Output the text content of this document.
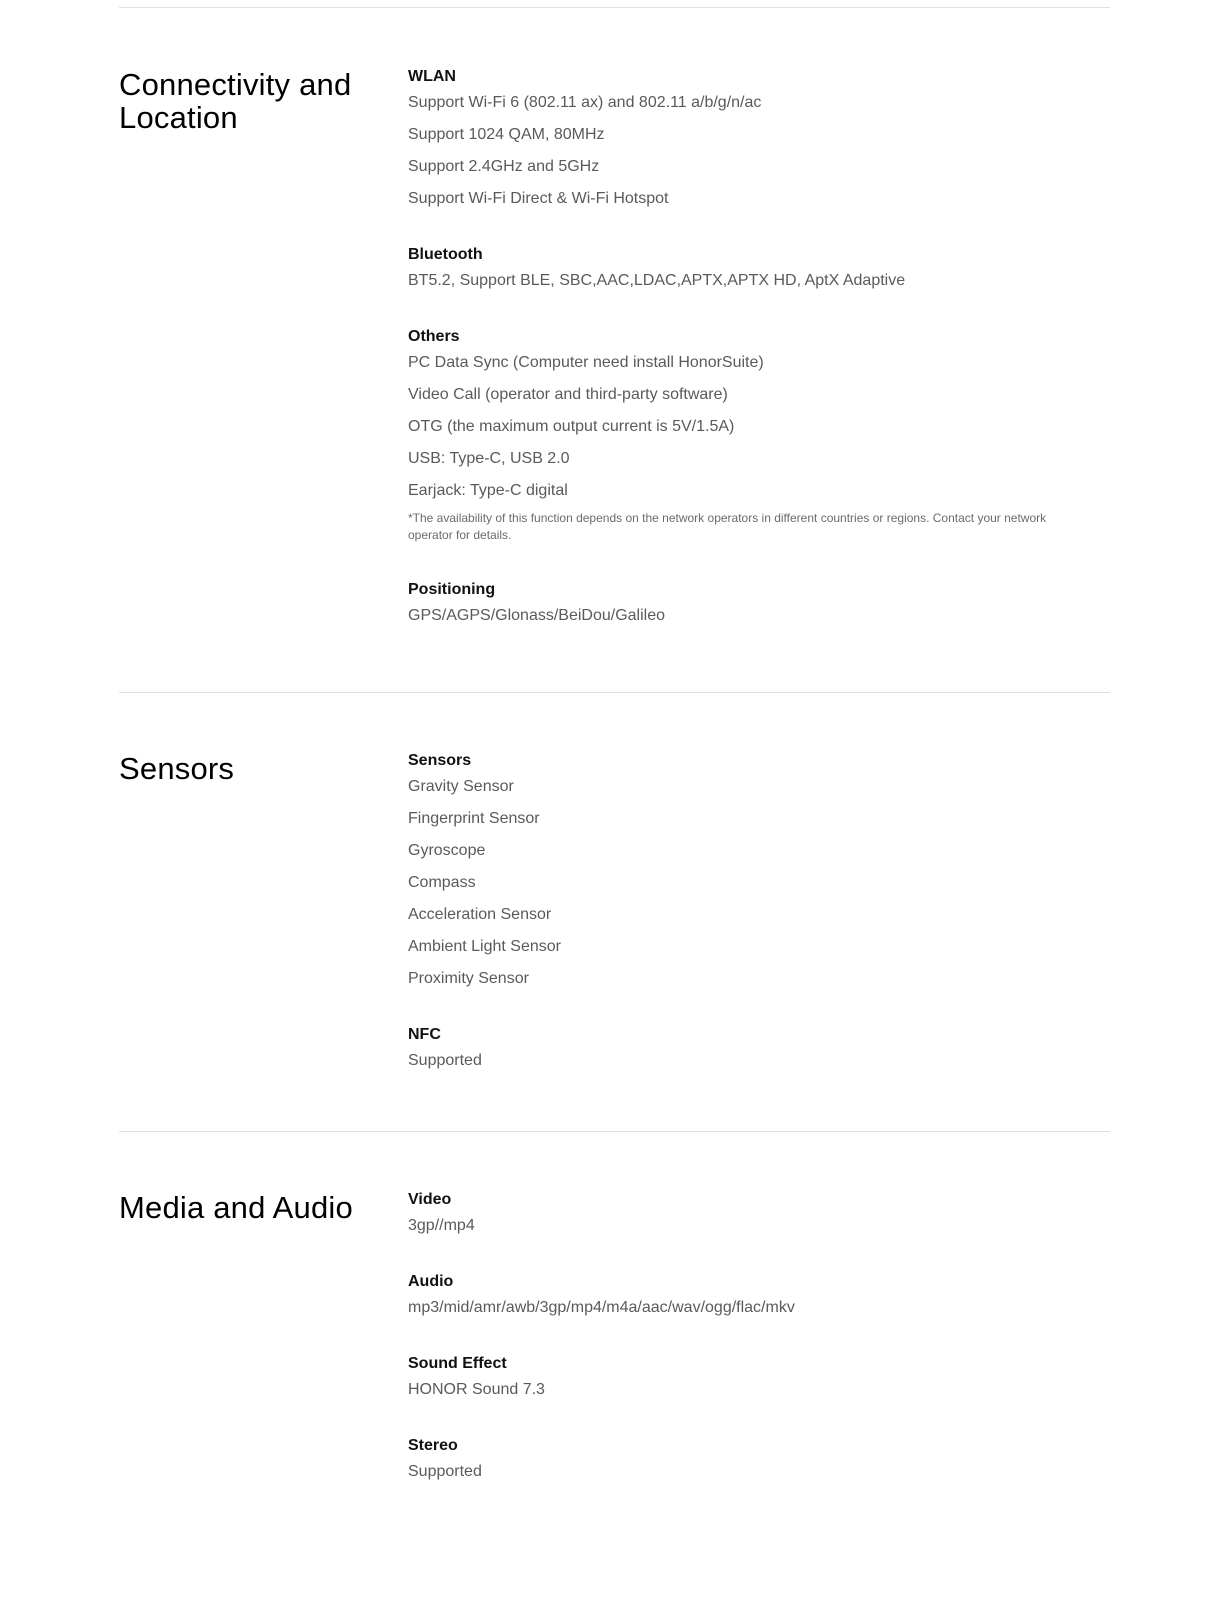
Connectivity and Location
WLAN
Support Wi-Fi 6 (802.11 ax) and 802.11 a/b/g/n/ac
Support 1024 QAM, 80MHz
Support 2.4GHz and 5GHz
Support Wi-Fi Direct & Wi-Fi Hotspot
Bluetooth
BT5.2, Support BLE, SBC,AAC,LDAC,APTX,APTX HD, AptX Adaptive
Others
PC Data Sync (Computer need install HonorSuite)
Video Call (operator and third-party software)
OTG (the maximum output current is 5V/1.5A)
USB: Type-C, USB 2.0
Earjack: Type-C digital
*The availability of this function depends on the network operators in different countries or regions. Contact your network operator for details.
Positioning
GPS/AGPS/Glonass/BeiDou/Galileo
Sensors	Sensors
Gravity Sensor
Fingerprint Sensor
Gyroscope
Compass
Acceleration Sensor
Ambient Light Sensor
Proximity Sensor
NFC
Supported
Media and Audio	Video
3gp//mp4
Audio
mp3/mid/amr/awb/3gp/mp4/m4a/aac/wav/ogg/flac/mkv
Sound Effect
HONOR Sound 7.3
Stereo
Supported
